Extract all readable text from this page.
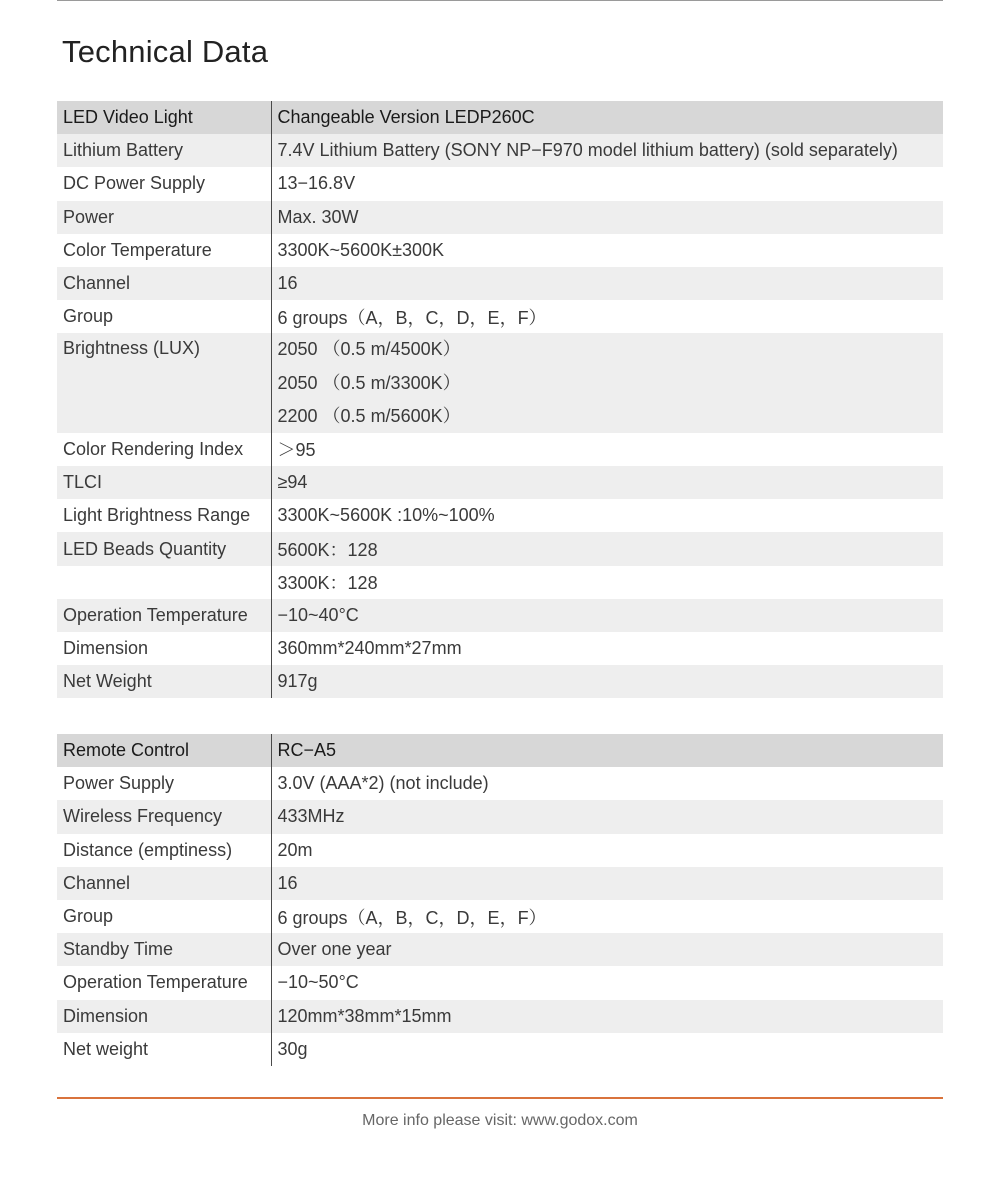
Technical Data
LED Video Light	Changeable Version LEDP260C
Lithium Battery	7.4V Lithium Battery (SONY NP−F970 model lithium battery) (sold separately)
DC Power Supply	13−16.8V
Power	Max. 30W
Color Temperature	3300K~5600K±300K
Channel	16
Group	6 groups（A，B，C，D，E，F）
Brightness (LUX)	2050 （0.5 m/4500K）
2050 （0.5 m/3300K）
2200 （0.5 m/5600K）

Color Rendering Index	＞95
TLCI	≥94
Light Brightness Range	3300K~5600K :10%~100%
LED Beads Quantity	5600K：128
	3300K：128
Operation Temperature	−10~40°C
Dimension	360mm*240mm*27mm
Net Weight	917g
Remote Control	RC−A5
Power Supply	3.0V (AAA*2) (not include)
Wireless Frequency	433MHz
Distance (emptiness)	20m
Channel	16
Group	6 groups（A，B，C，D，E，F）
Standby Time	Over one year
Operation Temperature	−10~50°C
Dimension	120mm*38mm*15mm
Net weight	30g
More info please visit: www.godox.com
